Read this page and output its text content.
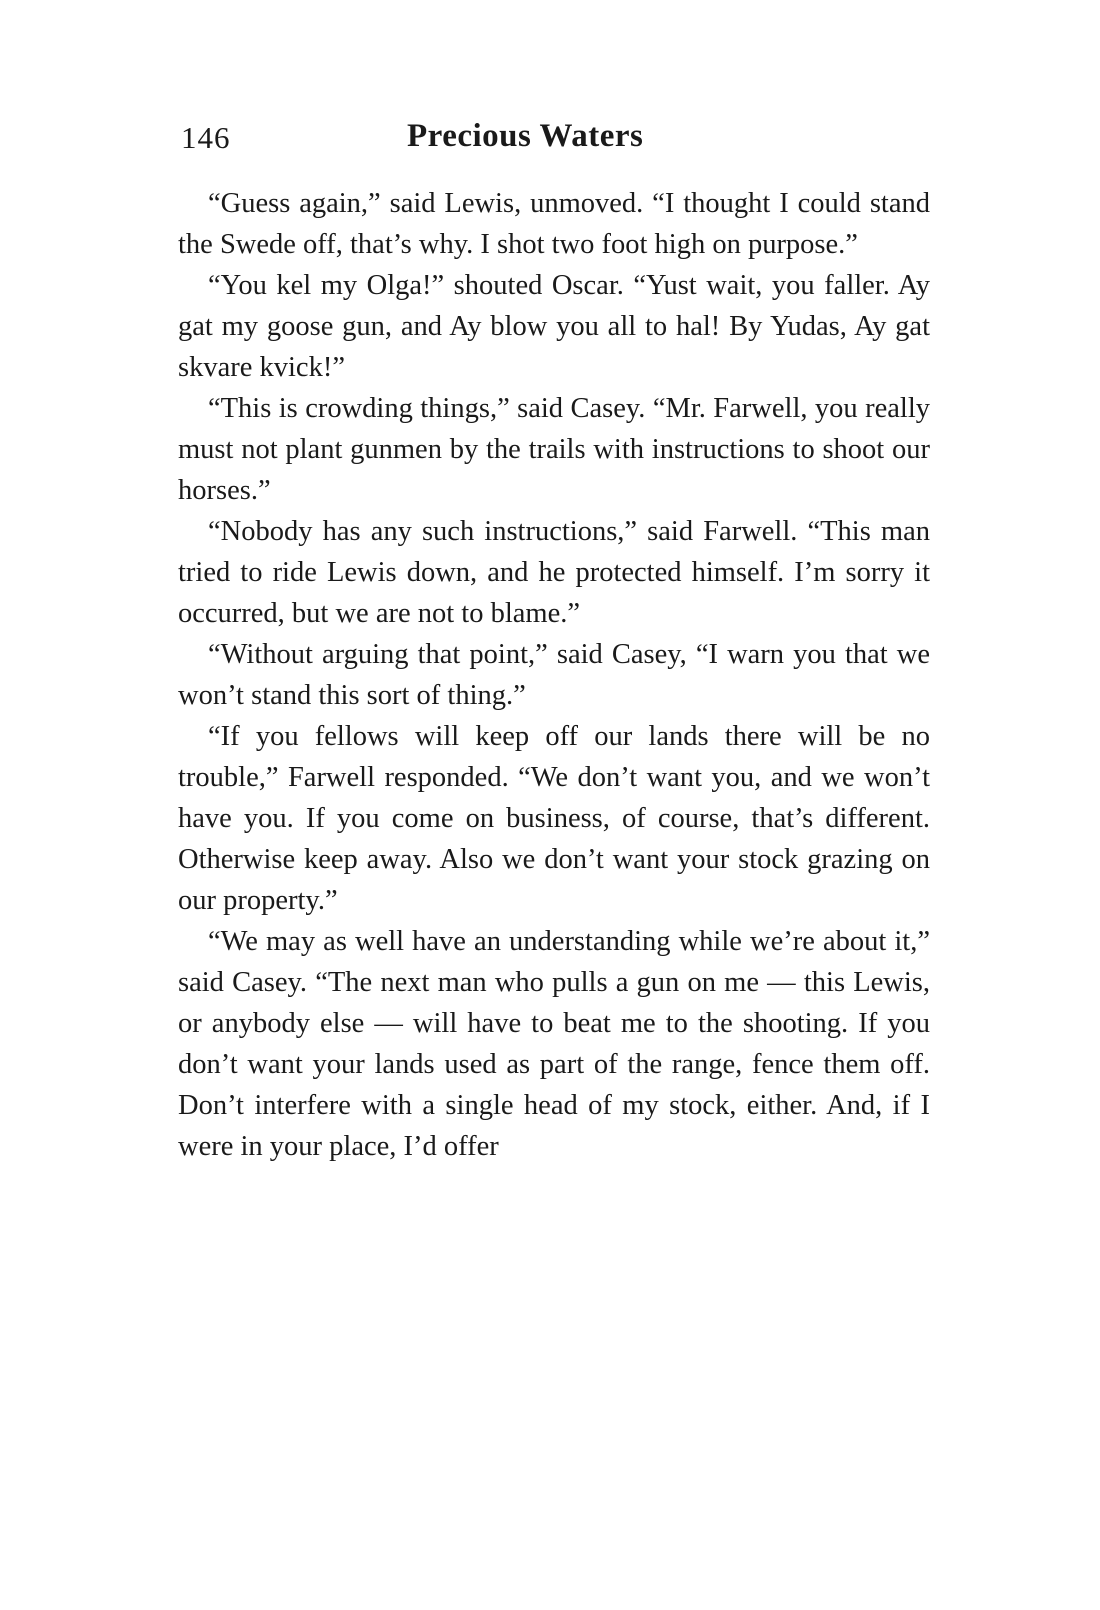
146	Precious Waters

“Guess again,” said Lewis, unmoved. “I thought I could stand the Swede off, that’s why. I shot two foot high on purpose.”

“You kel my Olga!” shouted Oscar. “Yust wait, you faller. Ay gat my goose gun, and Ay blow you all to hal! By Yudas, Ay gat skvare kvick!”

“This is crowding things,” said Casey. “Mr. Farwell, you really must not plant gunmen by the trails with instructions to shoot our horses.”

“Nobody has any such instructions,” said Farwell. “This man tried to ride Lewis down, and he protected himself. I’m sorry it occurred, but we are not to blame.”

“Without arguing that point,” said Casey, “I warn you that we won’t stand this sort of thing.”

“If you fellows will keep off our lands there will be no trouble,” Farwell responded. “We don’t want you, and we won’t have you. If you come on business, of course, that’s different. Otherwise keep away. Also we don’t want your stock grazing on our property.”

“We may as well have an understanding while we’re about it,” said Casey. “The next man who pulls a gun on me — this Lewis, or anybody else — will have to beat me to the shooting. If you don’t want your lands used as part of the range, fence them off. Don’t interfere with a single head of my stock, either. And, if I were in your place, I’d offer
